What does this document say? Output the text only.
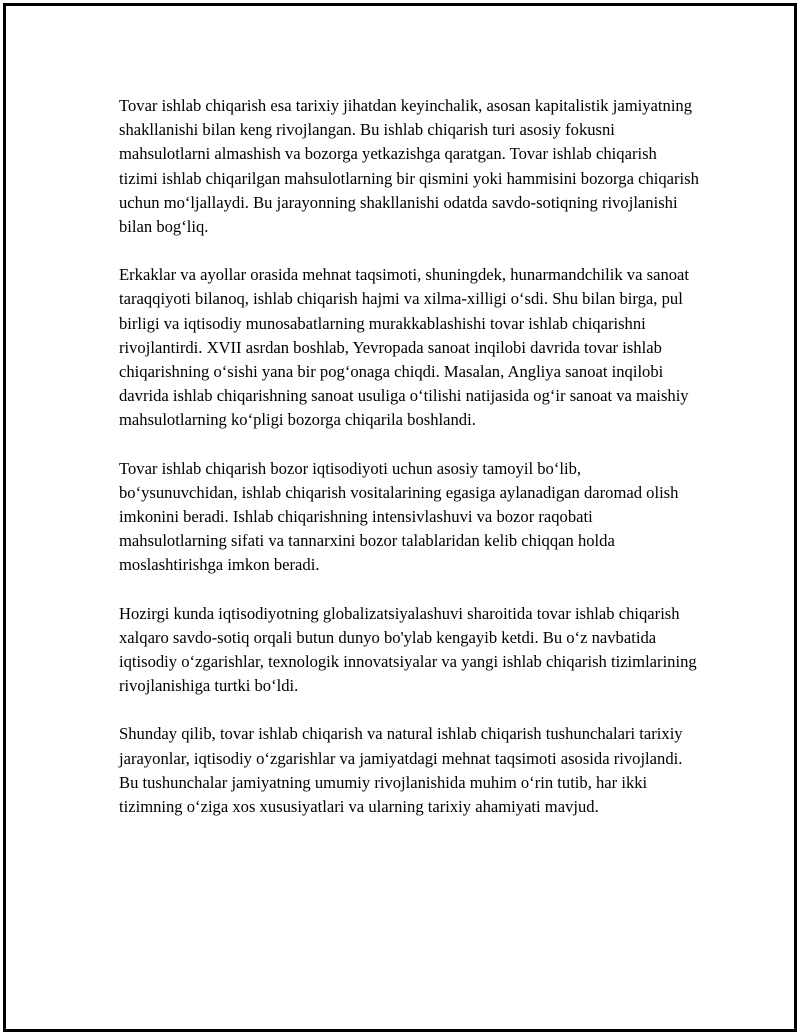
Tovar ishlab chiqarish esa tarixiy jihatdan keyinchalik, asosan kapitalistik jamiyatning shakllanishi bilan keng rivojlangan. Bu ishlab chiqarish turi asosiy fokusni mahsulotlarni almashish va bozorga yetkazishga qaratgan. Tovar ishlab chiqarish tizimi ishlab chiqarilgan mahsulotlarning bir qismini yoki hammisini bozorga chiqarish uchun mo‘ljallaydi. Bu jarayonning shakllanishi odatda savdo-sotiqning rivojlanishi bilan bog‘liq.

Erkaklar va ayollar orasida mehnat taqsimoti, shuningdek, hunarmandchilik va sanoat taraqqiyoti bilanoq, ishlab chiqarish hajmi va xilma-xilligi o‘sdi. Shu bilan birga, pul birligi va iqtisodiy munosabatlarning murakkablashishi tovar ishlab chiqarishni rivojlantirdi. XVII asrdan boshlab, Yevropada sanoat inqilobi davrida tovar ishlab chiqarishning o‘sishi yana bir pog‘onaga chiqdi. Masalan, Angliya sanoat inqilobi davrida ishlab chiqarishning sanoat usuliga o‘tilishi natijasida og‘ir sanoat va maishiy mahsulotlarning ko‘pligi bozorga chiqarila boshlandi.

Tovar ishlab chiqarish bozor iqtisodiyoti uchun asosiy tamoyil bo‘lib, bo‘ysunuvchidan, ishlab chiqarish vositalarining egasiga aylanadigan daromad olish imkonini beradi. Ishlab chiqarishning intensivlashuvi va bozor raqobati mahsulotlarning sifati va tannarxini bozor talablaridan kelib chiqqan holda moslashtirishga imkon beradi.

Hozirgi kunda iqtisodiyotning globalizatsiyalashuvi sharoitida tovar ishlab chiqarish xalqaro savdo-sotiq orqali butun dunyo bo'ylab kengayib ketdi. Bu o‘z navbatida iqtisodiy o‘zgarishlar, texnologik innovatsiyalar va yangi ishlab chiqarish tizimlarining rivojlanishiga turtki bo‘ldi.

Shunday qilib, tovar ishlab chiqarish va natural ishlab chiqarish tushunchalari tarixiy jarayonlar, iqtisodiy o‘zgarishlar va jamiyatdagi mehnat taqsimoti asosida rivojlandi. Bu tushunchalar jamiyatning umumiy rivojlanishida muhim o‘rin tutib, har ikki tizimning o‘ziga xos xususiyatlari va ularning tarixiy ahamiyati mavjud.
